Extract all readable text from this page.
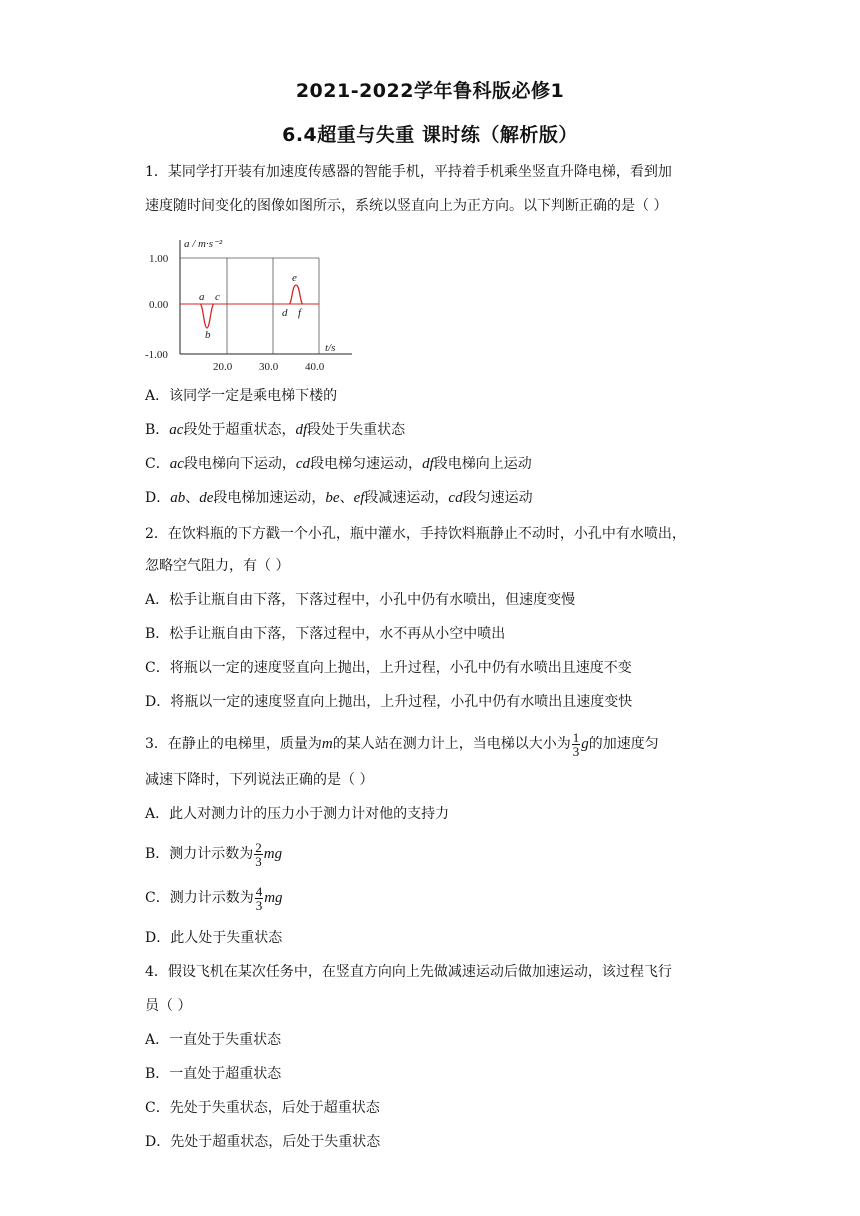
2021-2022学年鲁科版必修1
6.4超重与失重 课时练（解析版）
1．某同学打开装有加速度传感器的智能手机，平持着手机乘坐竖直升降电梯，看到加
速度随时间变化的图像如图所示，系统以竖直向上为正方向。以下判断正确的是（ ）
1.00
0.00
-1.00
20.0 30.0 40.0
a / m·s⁻²
t/s
a c
b
e
d f
A．该同学一定是乘电梯下楼的
B．ac段处于超重状态，df段处于失重状态
C．ac段电梯向下运动，cd段电梯匀速运动，df段电梯向上运动
D．ab、de段电梯加速运动，be、ef段减速运动，cd段匀速运动
2．在饮料瓶的下方戳一个小孔，瓶中灌水，手持饮料瓶静止不动时，小孔中有水喷出，
忽略空气阻力，有（ ）
A．松手让瓶自由下落，下落过程中，小孔中仍有水喷出，但速度变慢
B．松手让瓶自由下落，下落过程中，水不再从小空中喷出
C．将瓶以一定的速度竖直向上抛出，上升过程，小孔中仍有水喷出且速度不变
D．将瓶以一定的速度竖直向上抛出，上升过程，小孔中仍有水喷出且速度变快
3．在静止的电梯里，质量为m的某人站在测力计上，当电梯以大小为 $\frac{1}{3}$ g的加速度匀
减速下降时，下列说法正确的是（ ）
A．此人对测力计的压力小于测力计对他的支持力
B．测力计示数为 $\frac{2}{3}$ mg
C．测力计示数为 $\frac{4}{3}$ mg
D．此人处于失重状态
4．假设飞机在某次任务中，在竖直方向向上先做减速运动后做加速运动，该过程飞行
员（ ）
A．一直处于失重状态
B．一直处于超重状态
C．先处于失重状态，后处于超重状态
D．先处于超重状态，后处于失重状态
